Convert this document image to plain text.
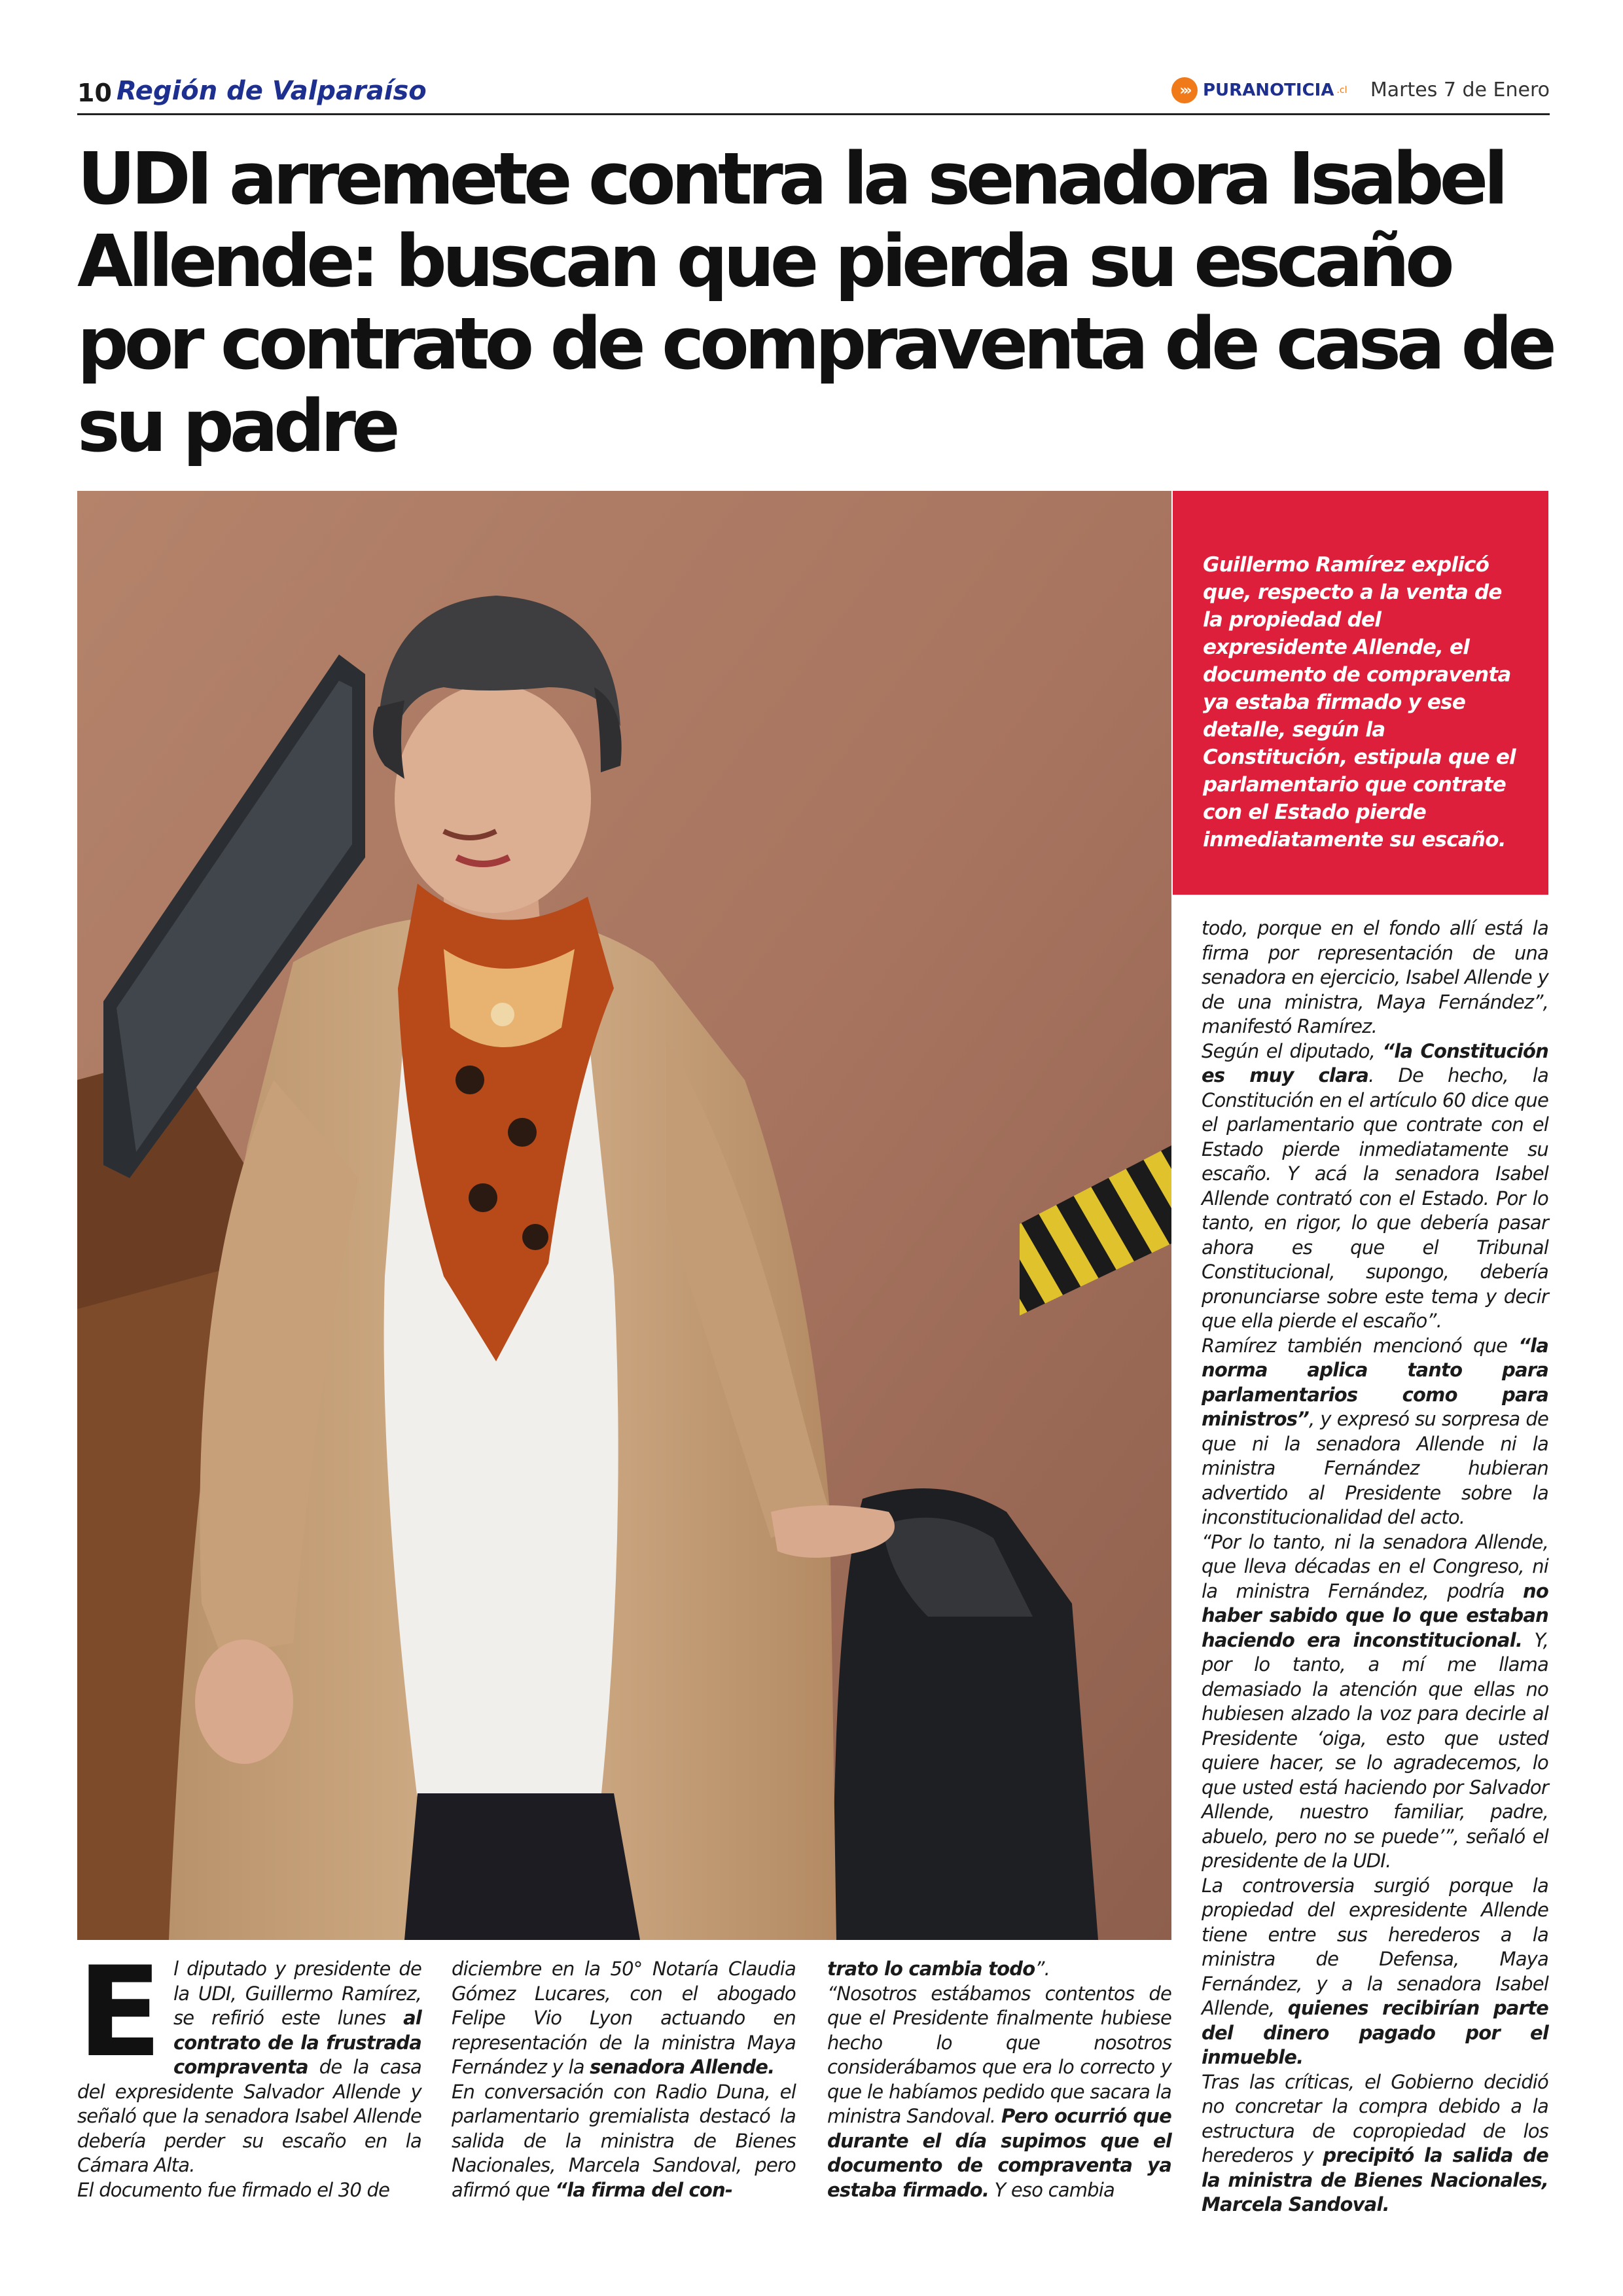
10 Región de Valparaíso	››› PURANOTICIA .cl Martes 7 de Enero
UDI arremete contra la senadora Isabel Allende: buscan que pierda su escaño por contrato de compraventa de casa de su padre

Guillermo Ramírez explicó que, respecto a la venta de la propiedad del expresidente Allende, el documento de compraventa ya estaba firmado y ese detalle, según la Constitución, estipula que el parlamentario que contrate con el Estado pierde inmediatamente su escaño.

El diputado y presidente de la UDI, Guillermo Ramírez, se refirió este lunes al contrato de la frustrada compraventa de la casa del expresidente Salvador Allende y señaló que la senadora Isabel Allende debería perder su escaño en la Cámara Alta.

El documento fue firmado el 30 de

diciembre en la 50° Notaría Claudia Gómez Lucares, con el abogado Felipe Vio Lyon actuando en representación de la ministra Maya Fernández y la senadora Allende.

En conversación con Radio Duna, el parlamentario gremialista destacó la salida de la ministra de Bienes Nacionales, Marcela Sandoval, pero afirmó que “la firma del con-

trato lo cambia todo”.

“Nosotros estábamos contentos de que el Presidente finalmente hubiese hecho lo que nosotros considerábamos que era lo correcto y que le habíamos pedido que sacara la ministra Sandoval. Pero ocurrió que durante el día supimos que el documento de compraventa ya estaba firmado. Y eso cambia

todo, porque en el fondo allí está la firma por representación de una senadora en ejercicio, Isabel Allende y de una ministra, Maya Fernández”, manifestó Ramírez.

Según el diputado, “la Constitución es muy clara. De hecho, la Constitución en el artículo 60 dice que el parlamentario que contrate con el Estado pierde inmediatamente su escaño. Y acá la senadora Isabel Allende contrató con el Estado. Por lo tanto, en rigor, lo que debería pasar ahora es que el Tribunal Constitucional, supongo, debería pronunciarse sobre este tema y decir que ella pierde el escaño”.

Ramírez también mencionó que “la norma aplica tanto para parlamentarios como para ministros”, y expresó su sorpresa de que ni la senadora Allende ni la ministra Fernández hubieran advertido al Presidente sobre la inconstitucionalidad del acto.

“Por lo tanto, ni la senadora Allende, que lleva décadas en el Congreso, ni la ministra Fernández, podría no haber sabido que lo que estaban haciendo era inconstitucional. Y, por lo tanto, a mí me llama demasiado la atención que ellas no hubiesen alzado la voz para decirle al Presidente ‘oiga, esto que usted quiere hacer, se lo agradecemos, lo que usted está haciendo por Salvador Allende, nuestro familiar, padre, abuelo, pero no se puede’”, señaló el presidente de la UDI.

La controversia surgió porque la propiedad del expresidente Allende tiene entre sus herederos a la ministra de Defensa, Maya Fernández, y a la senadora Isabel Allende, quienes recibirían parte del dinero pagado por el inmueble.

Tras las críticas, el Gobierno decidió no concretar la compra debido a la estructura de copropiedad de los herederos y precipitó la salida de la ministra de Bienes Nacionales, Marcela Sandoval.
